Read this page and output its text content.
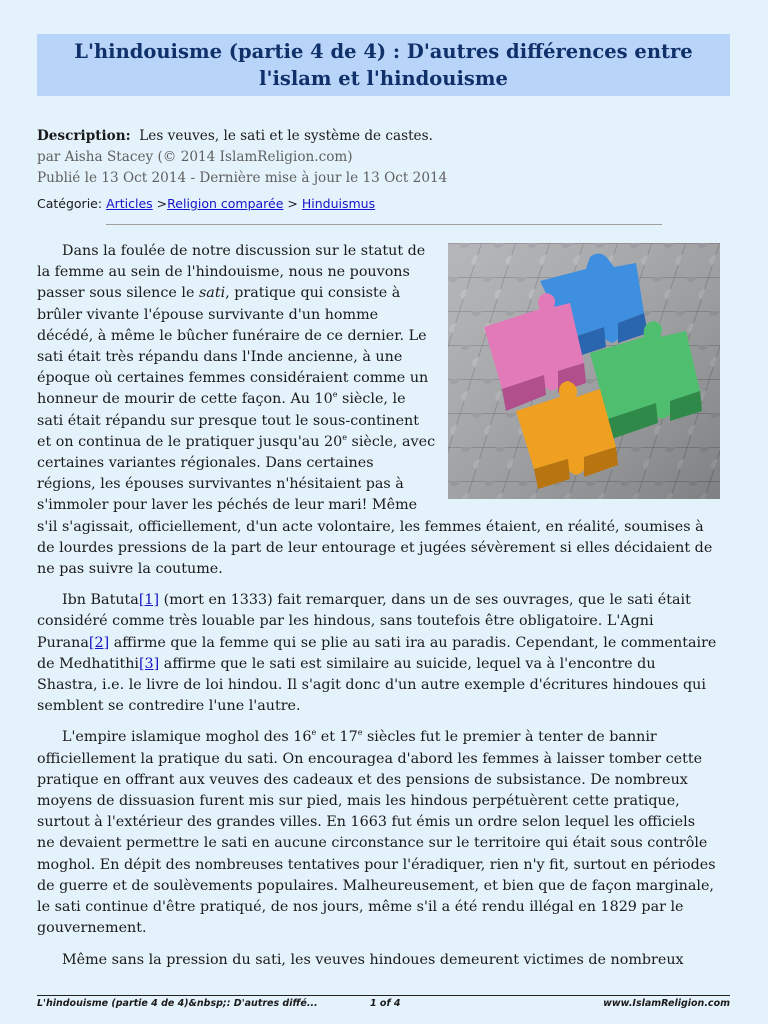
L'hindouisme (partie 4 de 4) : D'autres différences entre l'islam et l'hindouisme
Description: Les veuves, le sati et le système de castes.
par Aisha Stacey (© 2014 IslamReligion.com)
Publié le 13 Oct 2014 - Dernière mise à jour le 13 Oct 2014
Catégorie: Articles >Religion comparée > Hinduismus

Dans la foulée de notre discussion sur le statut de la femme au sein de l'hindouisme, nous ne pouvons passer sous silence le sati, pratique qui consiste à brûler vivante l'épouse survivante d'un homme décédé, à même le bûcher funéraire de ce dernier. Le sati était très répandu dans l'Inde ancienne, à une époque où certaines femmes considéraient comme un honneur de mourir de cette façon. Au 10e siècle, le sati était répandu sur presque tout le sous-continent et on continua de le pratiquer jusqu'au 20e siècle, avec certaines variantes régionales. Dans certaines régions, les épouses survivantes n'hésitaient pas à s'immoler pour laver les péchés de leur mari! Même s'il s'agissait, officiellement, d'un acte volontaire, les femmes étaient, en réalité, soumises à de lourdes pressions de la part de leur entourage et jugées sévèrement si elles décidaient de ne pas suivre la coutume.

Ibn Batuta[1] (mort en 1333) fait remarquer, dans un de ses ouvrages, que le sati était considéré comme très louable par les hindous, sans toutefois être obligatoire. L'Agni Purana[2] affirme que la femme qui se plie au sati ira au paradis. Cependant, le commentaire de Medhatithi[3] affirme que le sati est similaire au suicide, lequel va à l'encontre du Shastra, i.e. le livre de loi hindou. Il s'agit donc d'un autre exemple d'écritures hindoues qui semblent se contredire l'une l'autre.

L'empire islamique moghol des 16e et 17e siècles fut le premier à tenter de bannir officiellement la pratique du sati. On encouragea d'abord les femmes à laisser tomber cette pratique en offrant aux veuves des cadeaux et des pensions de subsistance. De nombreux moyens de dissuasion furent mis sur pied, mais les hindous perpétuèrent cette pratique, surtout à l'extérieur des grandes villes. En 1663 fut émis un ordre selon lequel les officiels ne devaient permettre le sati en aucune circonstance sur le territoire qui était sous contrôle moghol. En dépit des nombreuses tentatives pour l'éradiquer, rien n'y fit, surtout en périodes de guerre et de soulèvements populaires. Malheureusement, et bien que de façon marginale, le sati continue d'être pratiqué, de nos jours, même s'il a été rendu illégal en 1829 par le gouvernement.

Même sans la pression du sati, les veuves hindoues demeurent victimes de nombreux

L'hindouisme (partie 4 de 4)&nbsp;: D'autres diffé...	1 of 4	www.IslamReligion.com
